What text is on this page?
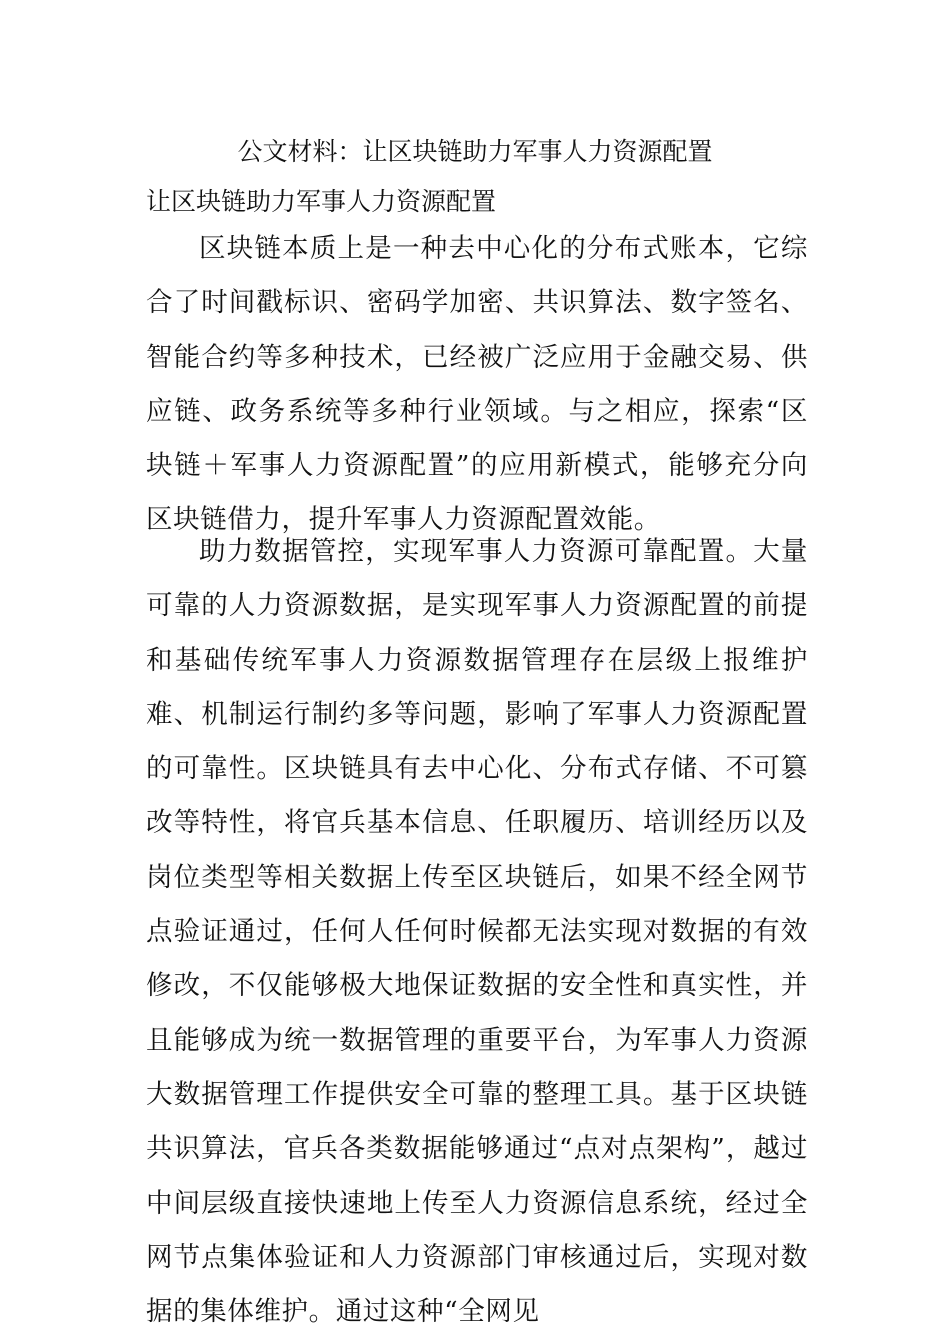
公文材料：让区块链助力军事人力资源配置
让区块链助力军事人力资源配置

区块链本质上是一种去中心化的分布式账本，它综合了时间戳标识、密码学加密、共识算法、数字签名、智能合约等多种技术，已经被广泛应用于金融交易、供应链、政务系统等多种行业领域。与之相应，探索“区块链＋军事人力资源配置”的应用新模式，能够充分向区块链借力，提升军事人力资源配置效能。

助力数据管控，实现军事人力资源可靠配置。大量可靠的人力资源数据，是实现军事人力资源配置的前提和基础传统军事人力资源数据管理存在层级上报维护难、机制运行制约多等问题，影响了军事人力资源配置的可靠性。区块链具有去中心化、分布式存储、不可篡改等特性，将官兵基本信息、任职履历、培训经历以及岗位类型等相关数据上传至区块链后，如果不经全网节点验证通过，任何人任何时候都无法实现对数据的有效修改，不仅能够极大地保证数据的安全性和真实性，并且能够成为统一数据管理的重要平台，为军事人力资源大数据管理工作提供安全可靠的整理工具。基于区块链共识算法，官兵各类数据能够通过“点对点架构”，越过中间层级直接快速地上传至人力资源信息系统，经过全网节点集体验证和人力资源部门审核通过后，实现对数据的集体维护。通过这种“全网见
